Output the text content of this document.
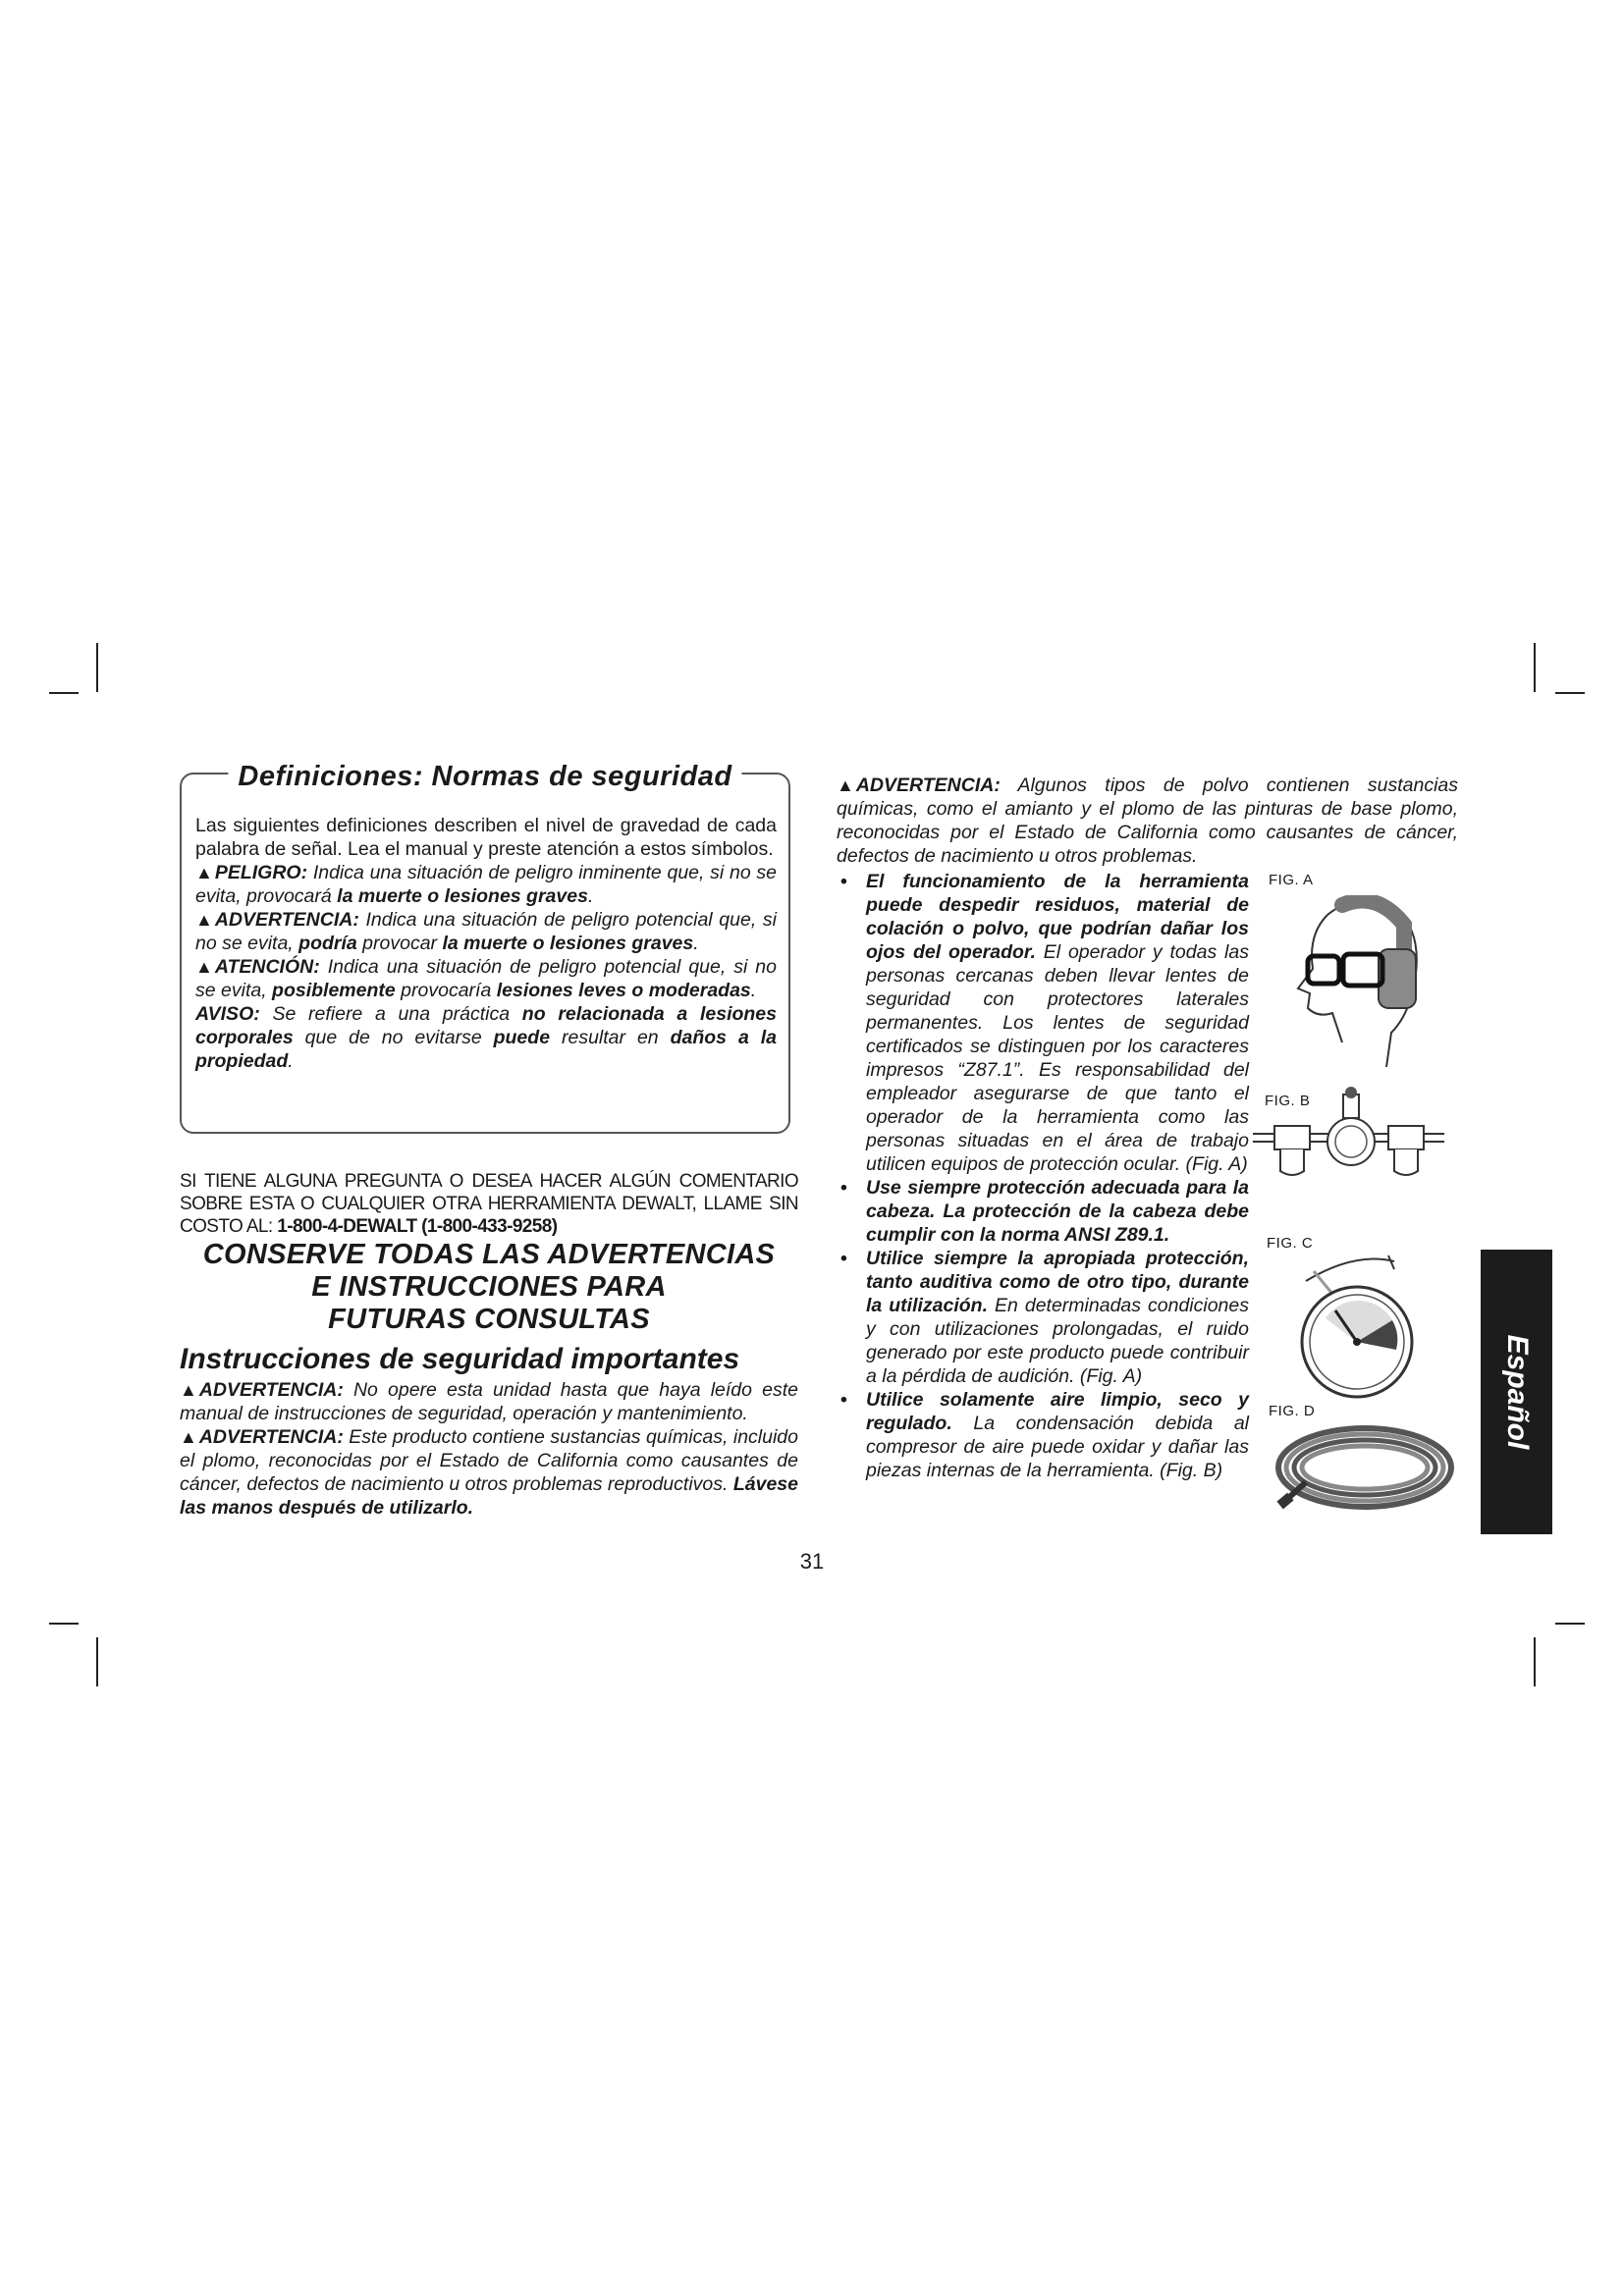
Definiciones: Normas de seguridad

Las siguientes definiciones describen el nivel de gravedad de cada palabra de señal. Lea el manual y preste atención a estos símbolos.

▲ PELIGRO: Indica una situación de peligro inminente que, si no se evita, provocará la muerte o lesiones graves.

▲ ADVERTENCIA: Indica una situación de peligro potencial que, si no se evita, podría provocar la muerte o lesiones graves.

▲ ATENCIÓN: Indica una situación de peligro potencial que, si no se evita, posiblemente provocaría lesiones leves o moderadas.

AVISO: Se refiere a una práctica no relacionada a lesiones corporales que de no evitarse puede resultar en daños a la propiedad.

SI TIENE ALGUNA PREGUNTA O DESEA HACER ALGÚN COMENTARIO SOBRE ESTA O CUALQUIER OTRA HERRAMIENTA DEWALT, LLAME SIN COSTO AL: 1-800-4-DEWALT (1-800-433-9258)

CONSERVE TODAS LAS ADVERTENCIAS
E INSTRUCCIONES PARA
FUTURAS CONSULTAS
Instrucciones de seguridad importantes

▲ ADVERTENCIA: No opere esta unidad hasta que haya leído este manual de instrucciones de seguridad, operación y mantenimiento.

▲ ADVERTENCIA: Este producto contiene sustancias químicas, incluido el plomo, reconocidas por el Estado de California como causantes de cáncer, defectos de nacimiento u otros problemas reproductivos. Lávese las manos después de utilizarlo.

▲ ADVERTENCIA: Algunos tipos de polvo contienen sustancias químicas, como el amianto y el plomo de las pinturas de base plomo, reconocidas por el Estado de California como causantes de cáncer, defectos de nacimiento u otros problemas.

• El funcionamiento de la herramienta puede despedir residuos, material de colación o polvo, que podrían dañar los ojos del operador. El operador y todas las personas cercanas deben llevar lentes de seguridad con protectores laterales permanentes. Los lentes de seguridad certificados se distinguen por los caracteres impresos “Z87.1”. Es responsabilidad del empleador asegurarse de que tanto el operador de la herramienta como las personas situadas en el área de trabajo utilicen equipos de protección ocular. (Fig. A)
• Use siempre protección adecuada para la cabeza. La protección de la cabeza debe cumplir con la norma ANSI Z89.1.
• Utilice siempre la apropiada protección, tanto auditiva como de otro tipo, durante la utilización. En determinadas condiciones y con utilizaciones prolongadas, el ruido generado por este producto puede contribuir a la pérdida de audición. (Fig. A)
• Utilice solamente aire limpio, seco y regulado. La condensación debida al compresor de aire puede oxidar y dañar las piezas internas de la herramienta. (Fig. B)
FIG. A
FIG. B
FIG. C
FIG. D	Español
31
